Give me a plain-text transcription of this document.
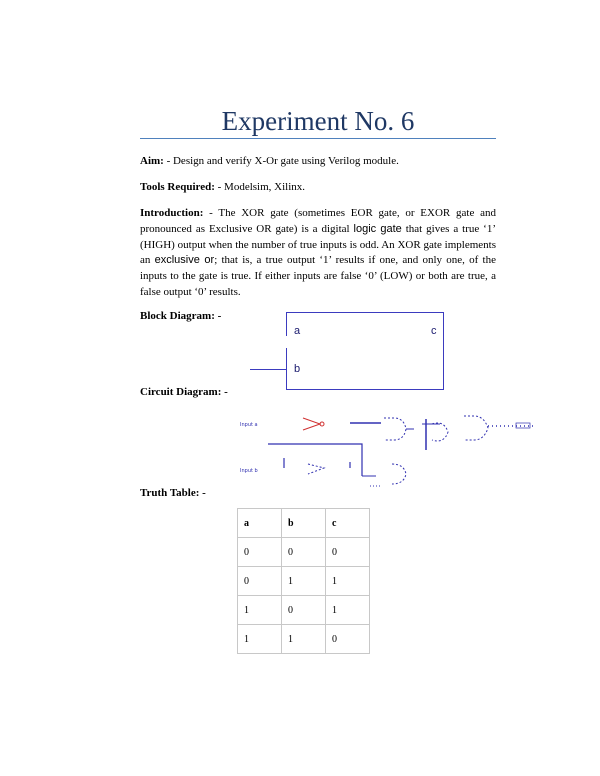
Experiment No. 6
Aim: - Design and verify X-Or gate using Verilog module.
Tools Required: - Modelsim, Xilinx.
Introduction: - The XOR gate (sometimes EOR gate, or EXOR gate and pronounced as Exclusive OR gate) is a digital logic gate that gives a true ‘1’ (HIGH) output when the number of true inputs is odd. An XOR gate implements an exclusive or; that is, a true output ‘1’ results if one, and only one, of the inputs to the gate is true. If either inputs are false ‘0’ (LOW) or both are true, a false output ‘0’ results.
Block Diagram: -
a
b
c
Circuit Diagram: -
Input a
Input b
Truth Table: -
a	b	c
0	0	0
0	1	1
1	0	1
1	1	0
